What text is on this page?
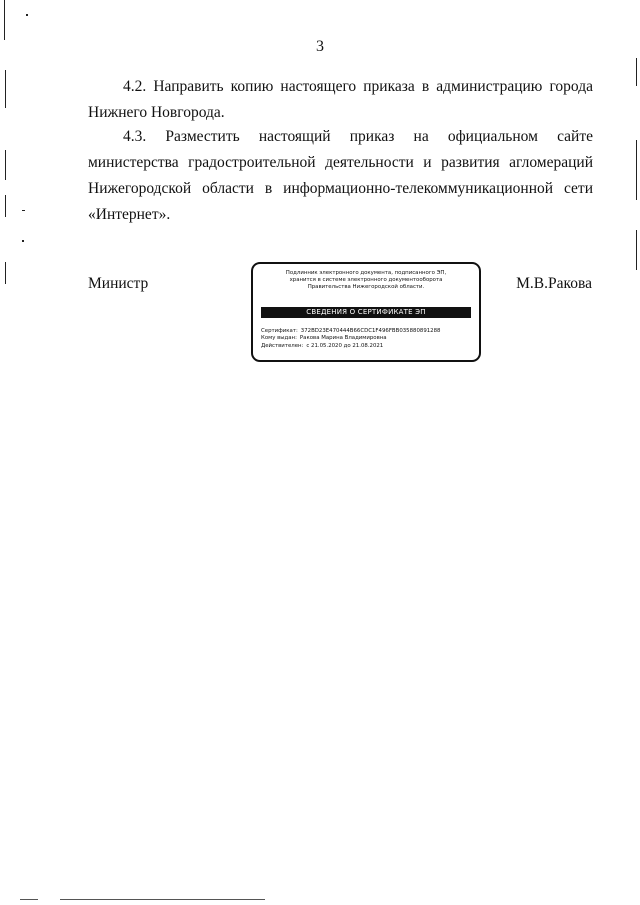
3

4.2. Направить копию настоящего приказа в администрацию города Нижнего Новгорода.

4.3. Разместить настоящий приказ на официальном сайте министерства градостроительной деятельности и развития агломераций Нижегородской области в информационно-телекоммуникационной сети «Интернет».

Министр	М.В.Ракова
Подлинник электронного документа, подписанного ЭП,
хранится в системе электронного документооборота
Правительства Нижегородской области.
СВЕДЕНИЯ О СЕРТИФИКАТЕ ЭП
Сертификат: 372BD23E470444B66CDC1F496FBB035880891288
Кому выдан: Ракова Марина Владимировна
Действителен: с 21.05.2020 до 21.08.2021
